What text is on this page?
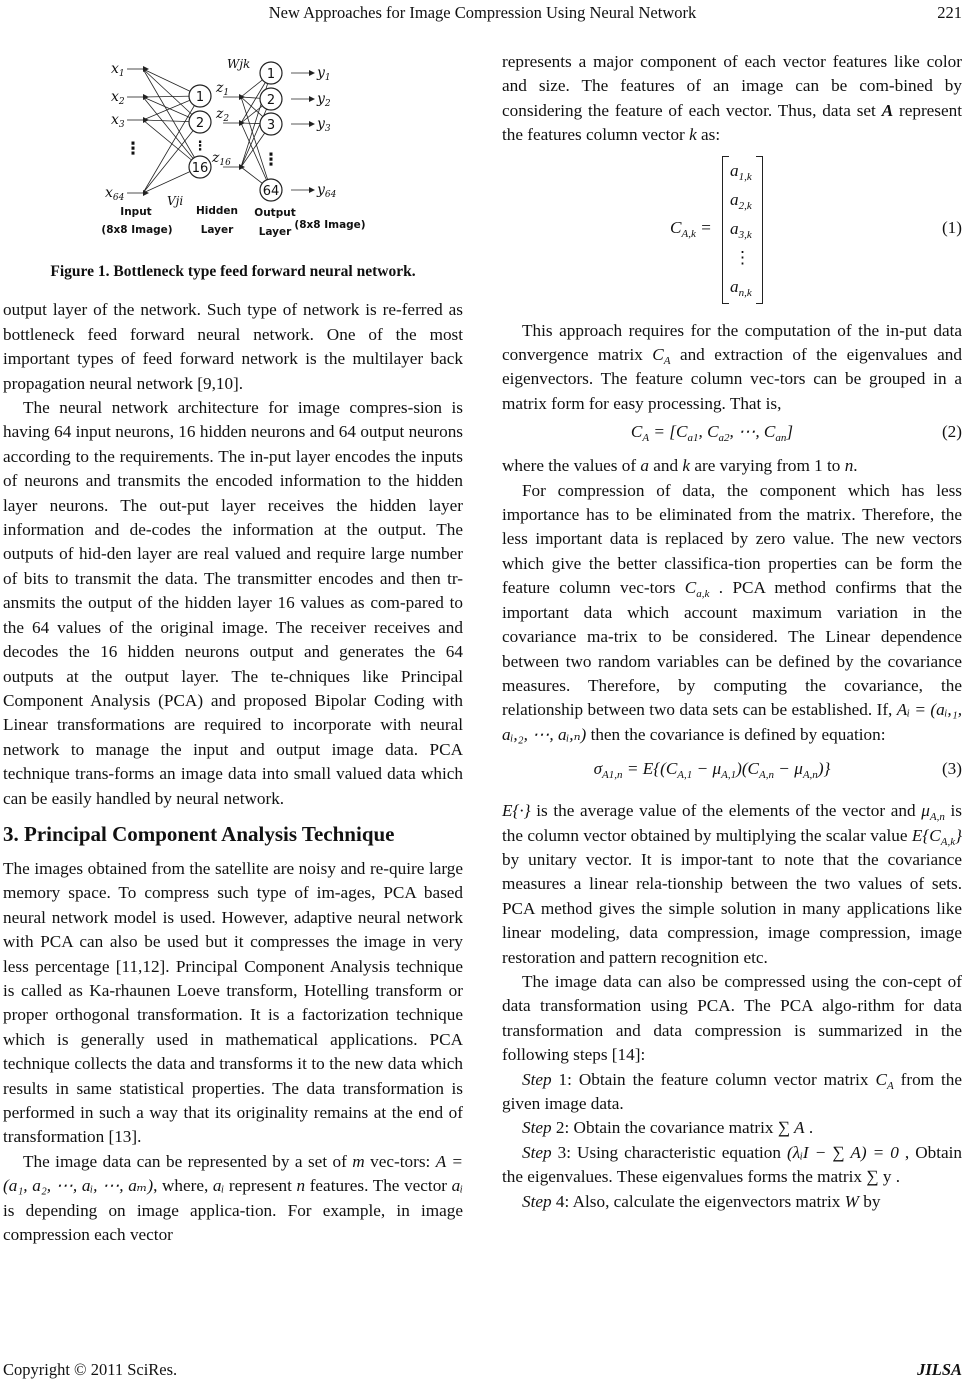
New Approaches for Image Compression Using Neural Network	221
1
2
16
1
2
3
64
$x_1$
$x_2$
$x_3$
$x_{64}$
$z_1$
$z_2$
$z_{16}$
$y_1$
$y_2$
$y_3$
$y_{64}$
Wjk
Vji
⋮	⋮
⋮
Input
(8x8 Image)
Hidden
Layer
Output
Layer
(8x8 Image)
Figure 1. Bottleneck type feed forward neural network.

output layer of the network. Such type of network is re-ferred as bottleneck feed forward neural network. One of the most important types of feed forward network is the multilayer back propagation neural network [9,10].

The neural network architecture for image compres-sion is having 64 input neurons, 16 hidden neurons and 64 output neurons according to the requirements. The in-put layer encodes the inputs of neurons and transmits the encoded information to the hidden layer neurons. The out-put layer receives the hidden layer information and de-codes the information at the output. The outputs of hid-den layer are real valued and require large number of bits to transmit the data. The transmitter encodes and then tr-ansmits the output of the hidden layer 16 values as com-pared to the 64 values of the original image. The receiver receives and decodes the 16 hidden neurons output and generates the 64 outputs at the output layer. The te-chniques like Principal Component Analysis (PCA) and proposed Bipolar Coding with Linear transformations are required to incorporate with neural network to manage the input and output image data. PCA technique trans-forms an image data into small valued data which can be easily handled by neural network.

3. Principal Component Analysis Technique

The images obtained from the satellite are noisy and re-quire large memory space. To compress such type of im-ages, PCA based neural network model is used. However, adaptive neural network with PCA can also be used but it compresses the image in very less percentage [11,12]. Principal Component Analysis technique is called as Ka-rhaunen Loeve transform, Hotelling transform or proper orthogonal transformation. It is a factorization technique which is generally used in mathematical applications. PCA technique collects the data and transforms it to the new data which results in same statistical properties. The data transformation is performed in such a way that its originality remains at the end of transformation [13].

The image data can be represented by a set of m vec-tors: A = (a₁, a₂, ⋯, aᵢ, ⋯, aₘ), where, aᵢ represent n features. The vector aᵢ is depending on image applica-tion. For example, in image compression each vector

represents a major component of each vector features like color and size. The features of an image can be com-bined by considering the feature of each vector. Thus, data set A represent the features column vector k as:

$C_{A,k}$ =
$a_{1,k}$
$a_{2,k}$
$a_{3,k}$
⋮
$a_{n,k}$
(1)

This approach requires for the computation of the in-put data convergence matrix $C_A$ and extraction of the eigenvalues and eigenvectors. The feature column vec-tors can be grouped in a matrix form for easy processing. That is,

$C_A = [C_{a1}$, $C_{a2}$, ⋯, $C_{an}$]	(2)

where the values of a and k are varying from 1 to n.

For compression of data, the component which has less importance has to be eliminated from the matrix. Therefore, the less important data is replaced by zero value. The new vectors which give the better classifica-tion properties can be form the feature column vec-tors $C_{a,k}$ . PCA method confirms that the important data which account maximum variation in the covariance ma-trix to be considered. The Linear dependence between two random variables can be defined by the covariance measures. Therefore, by computing the covariance, the relationship between two data sets can be established. If, Aᵢ = (aᵢ,₁, aᵢ,₂, ⋯, aᵢ,ₙ) then the covariance is defined by equation:

$\sigma_{A1,n} = E\{(C_{A,1} - \mu_{A,1})(C_{A,n} - \mu_{A,n})\}$	(3)

E{·} is the average value of the elements of the vector and $\mu_{A,n}$ is the column vector obtained by multiplying the scalar value $E\{C_{A,k}\}$ by unitary vector. It is impor-tant to note that the covariance measures a linear rela-tionship between the two values of sets. PCA method gives the simple solution in many applications like linear modeling, data compression, image compression, image restoration and pattern recognition etc.

The image data can also be compressed using the con-cept of data transformation using PCA. The PCA algo-rithm for data transformation and data compression is summarized in the following steps [14]:

Step 1: Obtain the feature column vector matrix $C_A$ from the given image data.

Step 2: Obtain the covariance matrix ∑ A .

Step 3: Using characteristic equation (λᵢI − ∑ A) = 0 , Obtain the eigenvalues. These eigenvalues forms the matrix ∑ y .

Step 4: Also, calculate the eigenvectors matrix W by

Copyright © 2011 SciRes.	JILSA
